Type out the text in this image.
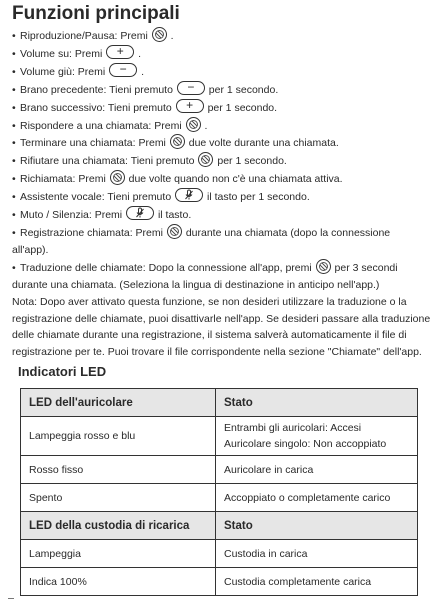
Funzioni principali
• Riproduzione/Pausa: Premi .
• Volume su: Premi	+	.
• Volume giù: Premi	−	.
• Brano precedente: Tieni premuto	−	per 1 secondo.
• Brano successivo: Tieni premuto	+	per 1 secondo.
• Rispondere a una chiamata: Premi .
• Terminare una chiamata: Premi due volte durante una chiamata.
• Rifiutare una chiamata: Tieni premuto per 1 secondo.
• Richiamata: Premi due volte quando non c'è una chiamata attiva.
• Assistente vocale: Tieni premuto	il tasto per 1 secondo.
• Muto / Silenzia: Premi	il tasto.
• Registrazione chiamata: Premi durante una chiamata (dopo la connessione
all'app).
• Traduzione delle chiamate: Dopo la connessione all'app, premi per 3 secondi
durante una chiamata. (Seleziona la lingua di destinazione in anticipo nell'app.)
Nota: Dopo aver attivato questa funzione, se non desideri utilizzare la traduzione o la registrazione delle chiamate, puoi disattivarle nell'app. Se desideri passare alla traduzione delle chiamate durante una registrazione, il sistema salverà automaticamente il file di registrazione per te. Puoi trovare il file corrispondente nella sezione "Chiamate" dell'app.
Indicatori LED
LED dell'auricolare	Stato
Lampeggia rosso e blu	Entrambi gli auricolari: Accesi
Auricolare singolo: Non accoppiato

Rosso fisso	Auricolare in carica
Spento	Accoppiato o completamente carico
LED della custodia di ricarica	Stato
Lampeggia	Custodia in carica
Indica 100%	Custodia completamente carica
